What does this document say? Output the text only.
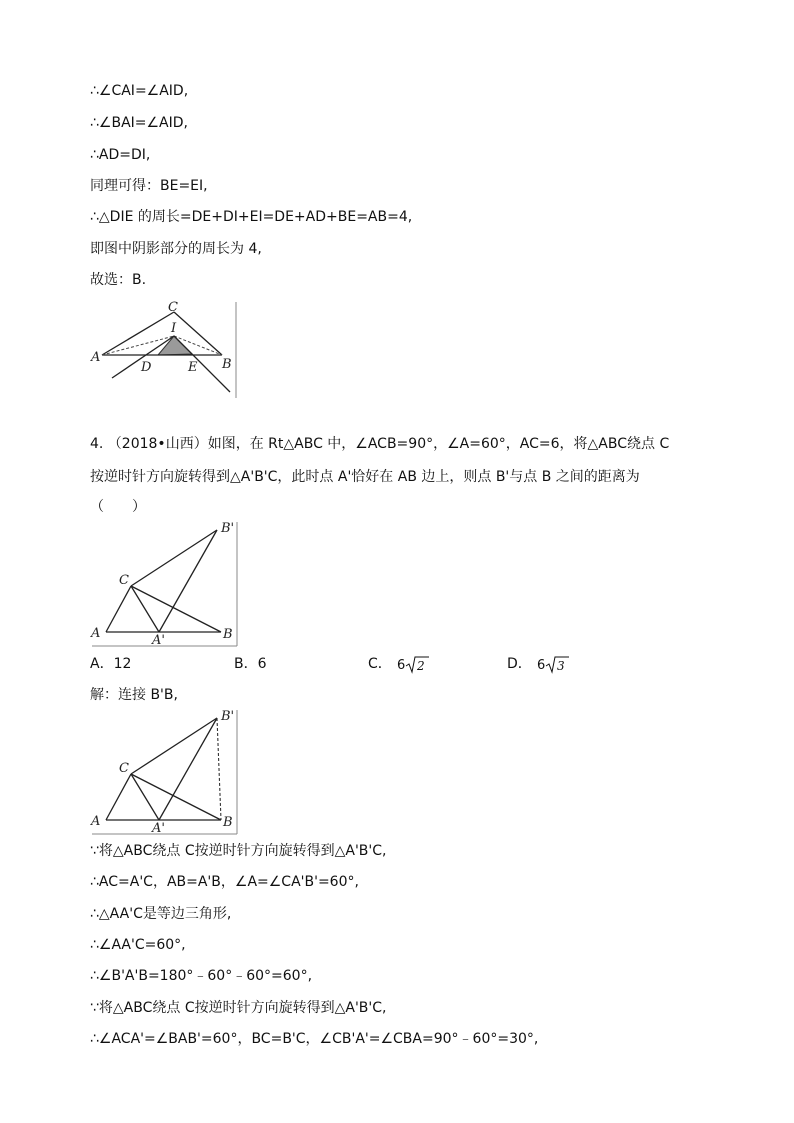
∴∠CAI=∠AID,
∴∠BAI=∠AID,
∴AD=DI,
同理可得：BE=EI,
∴△DIE 的周长=DE+DI+EI=DE+AD+BE=AB=4,
即图中阴影部分的周长为 4,
故选：B.
C
I
A
D	E B
4. （2018•山西）如图，在 Rt△ABC 中，∠ACB=90°，∠A=60°，AC=6，将△ABC绕点 C
按逆时针方向旋转得到△A'B'C，此时点 A'恰好在 AB 边上，则点 B'与点 B 之间的距离为
（　　）
B'
C
A	A'	B
A．12	B．6	C． 6 2	D． 6 3
解：连接 B'B,
B'
C
A	A'	B
∵将△ABC绕点 C按逆时针方向旋转得到△A'B'C,
∴AC=A'C，AB=A'B，∠A=∠CA'B'=60°,
∴△AA'C是等边三角形,
∴∠AA'C=60°,
∴∠B'A'B=180°﹣60°﹣60°=60°,
∵将△ABC绕点 C按逆时针方向旋转得到△A'B'C,
∴∠ACA'=∠BAB'=60°，BC=B'C，∠CB'A'=∠CBA=90°﹣60°=30°,
